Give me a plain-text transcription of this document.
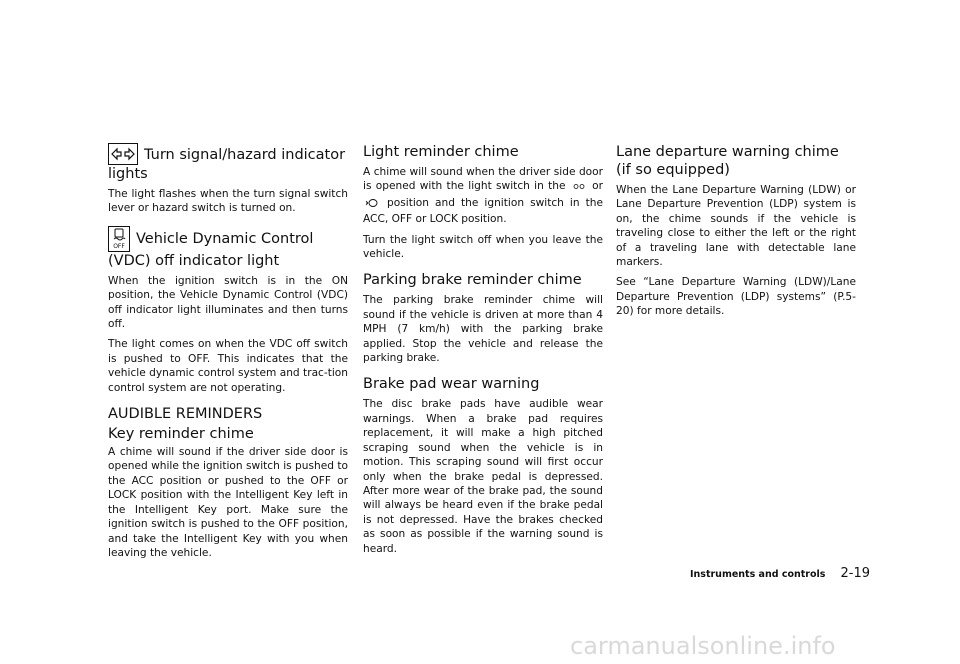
Turn signal/hazard indicator lights

The light flashes when the turn signal switch lever or hazard switch is turned on.

OFF Vehicle Dynamic Control (VDC) off indicator light

When the ignition switch is in the ON position, the Vehicle Dynamic Control (VDC) off indicator light illuminates and then turns off.

The light comes on when the VDC off switch is pushed to OFF. This indicates that the vehicle dynamic control system and trac-tion control system are not operating.

AUDIBLE REMINDERS
Key reminder chime

A chime will sound if the driver side door is opened while the ignition switch is pushed to the ACC position or pushed to the OFF or LOCK position with the Intelligent Key left in the Intelligent Key port. Make sure the ignition switch is pushed to the OFF position, and take the Intelligent Key with you when leaving the vehicle.

Light reminder chime

A chime will sound when the driver side door is opened with the light switch in the	or  position and the ignition switch in the ACC, OFF or LOCK position.

Turn the light switch off when you leave the vehicle.

Parking brake reminder chime

The parking brake reminder chime will sound if the vehicle is driven at more than 4 MPH (7 km/h) with the parking brake applied. Stop the vehicle and release the parking brake.

Brake pad wear warning

The disc brake pads have audible wear warnings. When a brake pad requires replacement, it will make a high pitched scraping sound when the vehicle is in motion. This scraping sound will first occur only when the brake pedal is depressed. After more wear of the brake pad, the sound will always be heard even if the brake pedal is not depressed. Have the brakes checked as soon as possible if the warning sound is heard.

Lane departure warning chime (if so equipped)

When the Lane Departure Warning (LDW) or Lane Departure Prevention (LDP) system is on, the chime sounds if the vehicle is traveling close to either the left or the right of a traveling lane with detectable lane markers.

See “Lane Departure Warning (LDW)/Lane Departure Prevention (LDP) systems” (P.5-20) for more details.

Instruments and controls 2-19
carmanualsonline.info
